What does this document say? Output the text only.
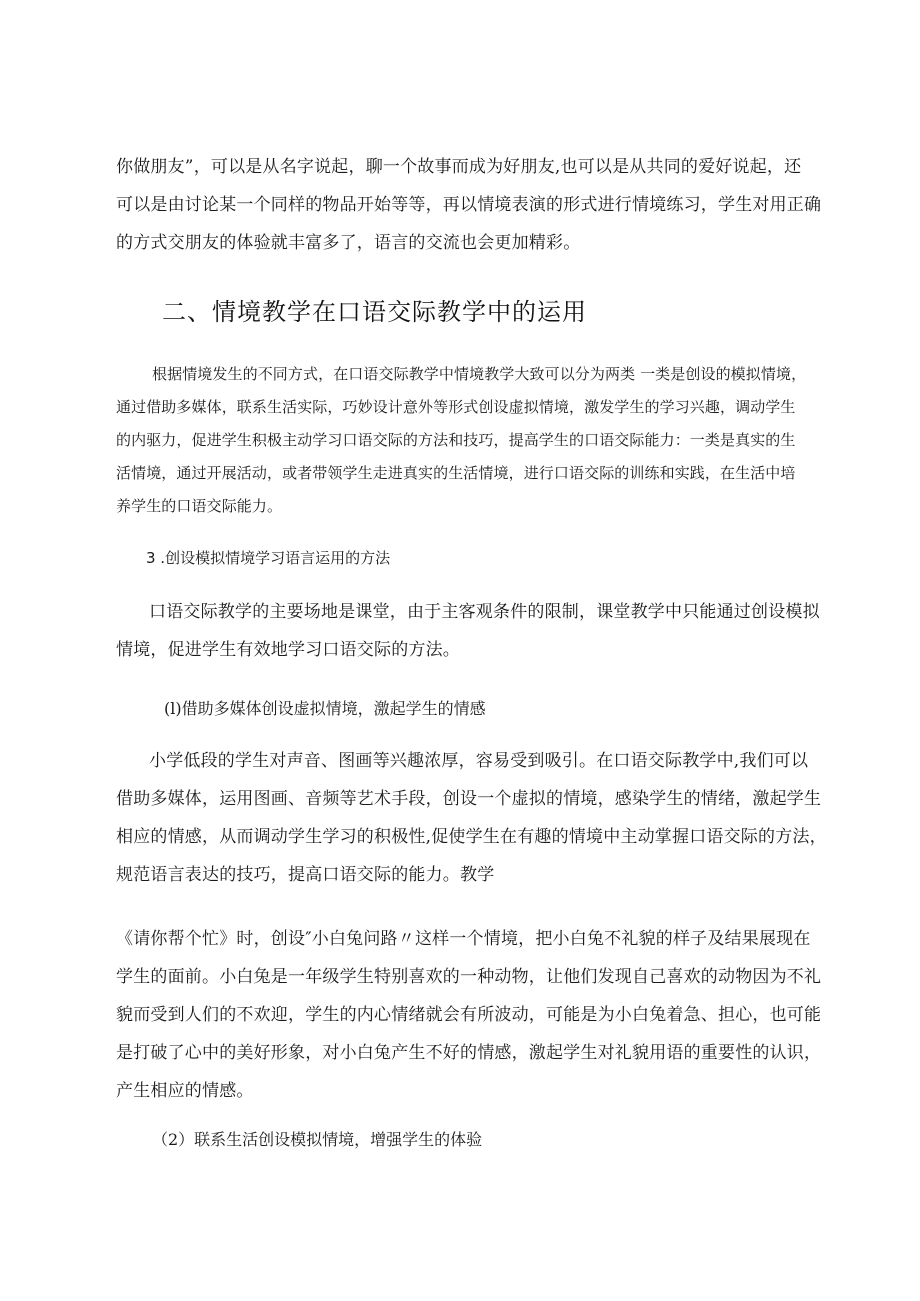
你做朋友”，可以是从名字说起，聊一个故事而成为好朋友,也可以是从共同的爱好说起，还
可以是由讨论某一个同样的物品开始等等，再以情境表演的形式进行情境练习，学生对用正确
的方式交朋友的体验就丰富多了，语言的交流也会更加精彩。
二、情境教学在口语交际教学中的运用
根据情境发生的不同方式，在口语交际教学中情境教学大致可以分为两类 一类是创设的模拟情境，
通过借助多媒体，联系生活实际，巧妙设计意外等形式创设虚拟情境，激发学生的学习兴趣，调动学生
的内驱力，促进学生积极主动学习口语交际的方法和技巧，提高学生的口语交际能力：一类是真实的生
活情境，通过开展活动，或者带领学生走进真实的生活情境，进行口语交际的训练和实践，在生活中培
养学生的口语交际能力。
3 .创设模拟情境学习语言运用的方法
口语交际教学的主要场地是课堂，由于主客观条件的限制，课堂教学中只能通过创设模拟
情境，促进学生有效地学习口语交际的方法。
(l)借助多媒体创设虚拟情境，激起学生的情感
小学低段的学生对声音、图画等兴趣浓厚，容易受到吸引。在口语交际教学中,我们可以
借助多媒体，运用图画、音频等艺术手段，创设一个虚拟的情境，感染学生的情绪，激起学生
相应的情感，从而调动学生学习的积极性,促使学生在有趣的情境中主动掌握口语交际的方法，
规范语言表达的技巧，提高口语交际的能力。教学
《请你帮个忙》时，创设″小白兔问路〃这样一个情境，把小白兔不礼貌的样子及结果展现在
学生的面前。小白兔是一年级学生特别喜欢的一种动物，让他们发现自己喜欢的动物因为不礼
貌而受到人们的不欢迎，学生的内心情绪就会有所波动，可能是为小白兔着急、担心，也可能
是打破了心中的美好形象，对小白兔产生不好的情感，激起学生对礼貌用语的重要性的认识，
产生相应的情感。
（2）联系生活创设模拟情境，增强学生的体验
